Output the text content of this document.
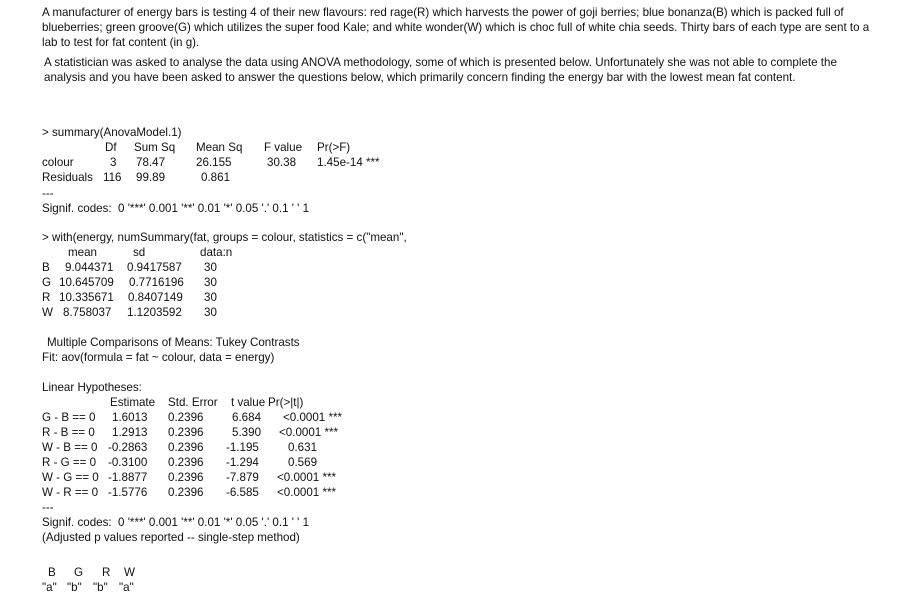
A manufacturer of energy bars is testing 4 of their new flavours: red rage(R) which harvests the power of goji berries; blue bonanza(B) which is packed full of blueberries; green groove(G) which utilizes the super food Kale; and white wonder(W) which is choc full of white chia seeds. Thirty bars of each type are sent to a lab to test for fat content (in g).

A statistician was asked to analyse the data using ANOVA methodology, some of which is presented below. Unfortunately she was not able to complete the analysis and you have been asked to answer the questions below, which primarily concern finding the energy bar with the lowest mean fat content.

> summary(AnovaModel.1)
Df Sum Sq Mean Sq F value Pr(>F)
colour	3 78.47	26.155	30.38 1.45e-14 ***
Residuals 116 99.89	0.861
---
Signif. codes:  0 '***' 0.001 '**' 0.01 '*' 0.05 '.' 0.1 ' ' 1
> with(energy, numSummary(fat, groups = colour, statistics = c("mean",
mean	sd	data:n
B 9.044371 0.9417587 30
G 10.645709 0.7716196 30
R 10.335671 0.8407149 30
W 8.758037 1.1203592 30
Multiple Comparisons of Means: Tukey Contrasts
Fit: aov(formula = fat ~ colour, data = energy)
Linear Hypotheses:
Estimate Std. Error t value Pr(>|t|)
G - B == 0 1.6013 0.2396 6.684 <0.0001 ***
R - B == 0 1.2913 0.2396 5.390 <0.0001 ***
W - B == 0 -0.2863 0.2396 -1.195	0.631
R - G == 0 -0.3100 0.2396 -1.294	0.569
W - G == 0 -1.8877 0.2396 -7.879 <0.0001 ***
W - R == 0 -1.5776 0.2396 -6.585 <0.0001 ***
---
Signif. codes:  0 '***' 0.001 '**' 0.01 '*' 0.05 '.' 0.1 ' ' 1
(Adjusted p values reported -- single-step method)
B G R W
"a" "b" "b" "a"
